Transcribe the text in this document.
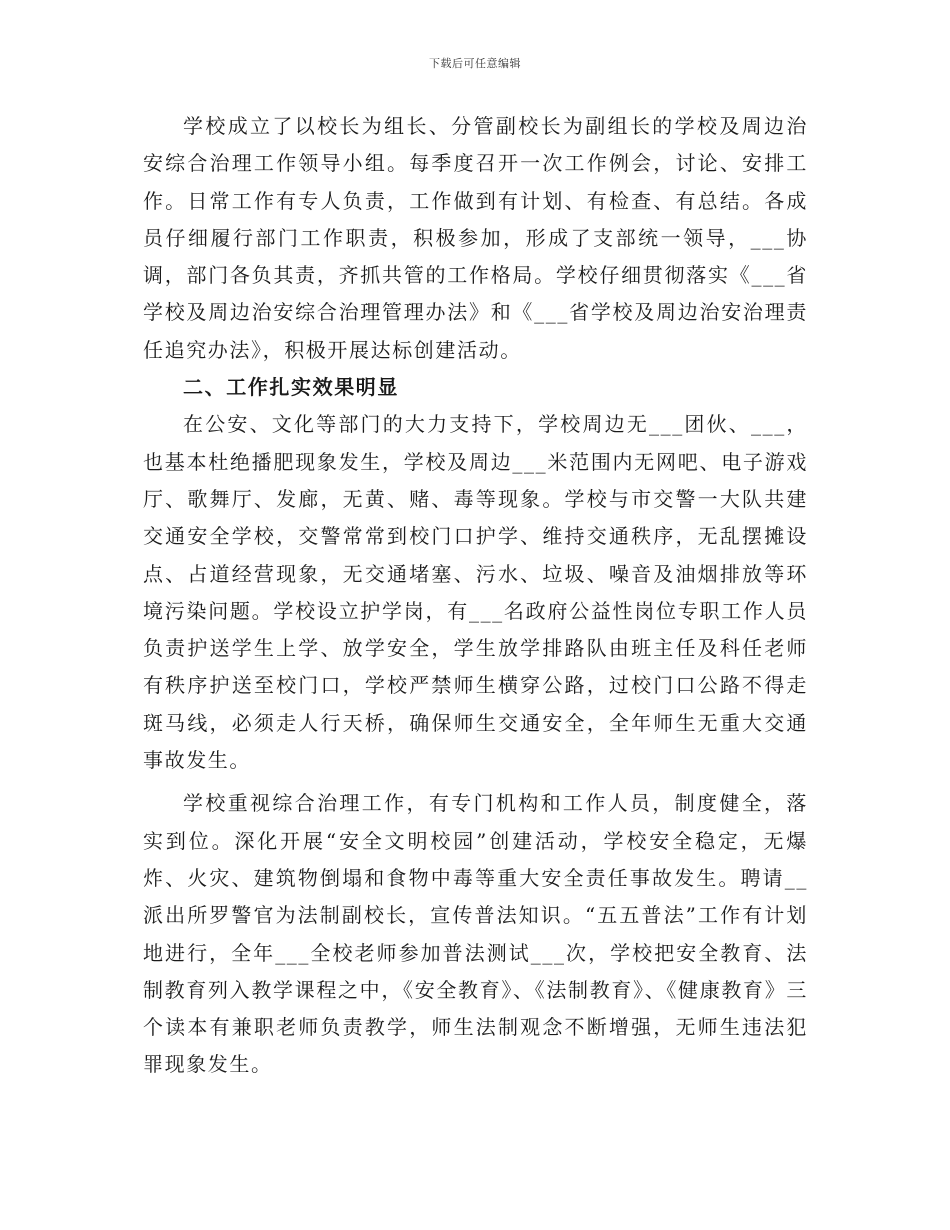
下载后可任意编辑

学校成立了以校长为组长、分管副校长为副组长的学校及周边治安综合治理工作领导小组。每季度召开一次工作例会，讨论、安排工作。日常工作有专人负责，工作做到有计划、有检查、有总结。各成员仔细履行部门工作职责，积极参加，形成了支部统一领导，___协调，部门各负其责，齐抓共管的工作格局。学校仔细贯彻落实《___省学校及周边治安综合治理管理办法》和《___省学校及周边治安治理责任追究办法》，积极开展达标创建活动。

二、工作扎实效果明显

在公安、文化等部门的大力支持下，学校周边无___团伙、___，也基本杜绝播肥现象发生，学校及周边___米范围内无网吧、电子游戏厅、歌舞厅、发廊，无黄、赌、毒等现象。学校与市交警一大队共建交通安全学校，交警常常到校门口护学、维持交通秩序，无乱摆摊设点、占道经营现象，无交通堵塞、污水、垃圾、噪音及油烟排放等环境污染问题。学校设立护学岗，有___名政府公益性岗位专职工作人员负责护送学生上学、放学安全，学生放学排路队由班主任及科任老师有秩序护送至校门口，学校严禁师生横穿公路，过校门口公路不得走斑马线，必须走人行天桥，确保师生交通安全，全年师生无重大交通事故发生。

学校重视综合治理工作，有专门机构和工作人员，制度健全，落实到位。深化开展“安全文明校园”创建活动，学校安全稳定，无爆炸、火灾、建筑物倒塌和食物中毒等重大安全责任事故发生。聘请__派出所罗警官为法制副校长，宣传普法知识。“五五普法”工作有计划地进行，全年___全校老师参加普法测试___次，学校把安全教育、法制教育列入教学课程之中，《安全教育》、《法制教育》、《健康教育》三个读本有兼职老师负责教学，师生法制观念不断增强，无师生违法犯罪现象发生。
